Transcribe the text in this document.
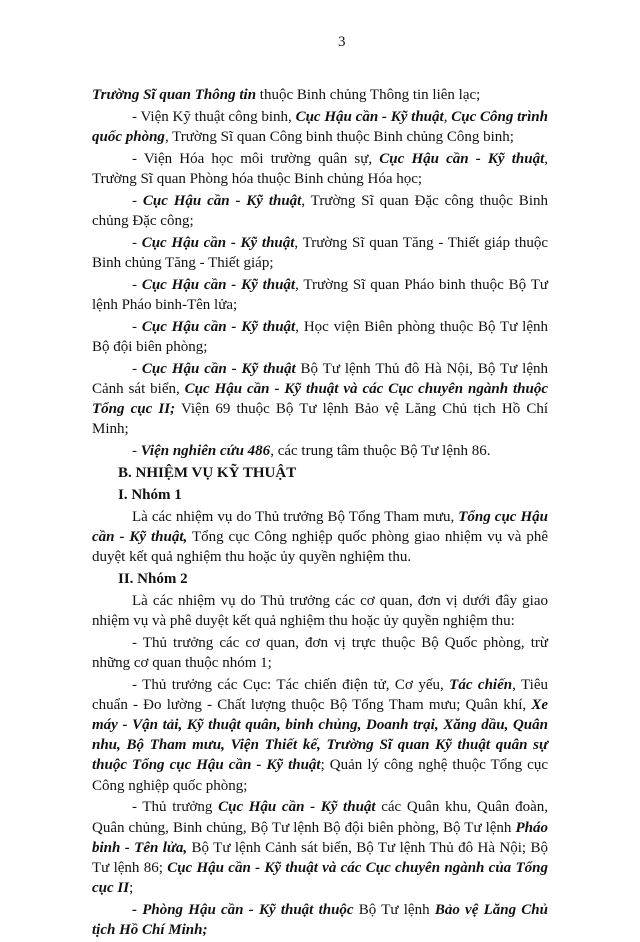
3

Trường Sĩ quan Thông tin thuộc Binh chủng Thông tin liên lạc;

- Viện Kỹ thuật công binh, Cục Hậu cần - Kỹ thuật, Cục Công trình quốc phòng, Trường Sĩ quan Công binh thuộc Binh chủng Công binh;

- Viện Hóa học môi trường quân sự, Cục Hậu cần - Kỹ thuật, Trường Sĩ quan Phòng hóa thuộc Binh chủng Hóa học;

- Cục Hậu cần - Kỹ thuật, Trường Sĩ quan Đặc công thuộc Binh chủng Đặc công;

- Cục Hậu cần - Kỹ thuật, Trường Sĩ quan Tăng - Thiết giáp thuộc Binh chủng Tăng - Thiết giáp;

- Cục Hậu cần - Kỹ thuật, Trường Sĩ quan Pháo binh thuộc Bộ Tư lệnh Pháo binh-Tên lửa;

- Cục Hậu cần - Kỹ thuật, Học viện Biên phòng thuộc Bộ Tư lệnh Bộ đội biên phòng;

- Cục Hậu cần - Kỹ thuật Bộ Tư lệnh Thủ đô Hà Nội, Bộ Tư lệnh Cảnh sát biển, Cục Hậu cần - Kỹ thuật và các Cục chuyên ngành thuộc Tổng cục II; Viện 69 thuộc Bộ Tư lệnh Bảo vệ Lăng Chủ tịch Hồ Chí Minh;

- Viện nghiên cứu 486, các trung tâm thuộc Bộ Tư lệnh 86.

B. NHIỆM VỤ KỸ THUẬT

I. Nhóm 1

Là các nhiệm vụ do Thủ trưởng Bộ Tổng Tham mưu, Tổng cục Hậu cần - Kỹ thuật, Tổng cục Công nghiệp quốc phòng giao nhiệm vụ và phê duyệt kết quả nghiệm thu hoặc ủy quyền nghiệm thu.

II. Nhóm 2

Là các nhiệm vụ do Thủ trưởng các cơ quan, đơn vị dưới đây giao nhiệm vụ và phê duyệt kết quả nghiệm thu hoặc ủy quyền nghiệm thu:

- Thủ trưởng các cơ quan, đơn vị trực thuộc Bộ Quốc phòng, trừ những cơ quan thuộc nhóm 1;

- Thủ trưởng các Cục: Tác chiến điện tử, Cơ yếu, Tác chiến, Tiêu chuẩn - Đo lường - Chất lượng thuộc Bộ Tổng Tham mưu; Quân khí, Xe máy - Vận tải, Kỹ thuật quân, binh chủng, Doanh trại, Xăng dầu, Quân nhu, Bộ Tham mưu, Viện Thiết kế, Trường Sĩ quan Kỹ thuật quân sự thuộc Tổng cục Hậu cần - Kỹ thuật; Quản lý công nghệ thuộc Tổng cục Công nghiệp quốc phòng;

- Thủ trưởng Cục Hậu cần - Kỹ thuật các Quân khu, Quân đoàn, Quân chủng, Binh chủng, Bộ Tư lệnh Bộ đội biên phòng, Bộ Tư lệnh Pháo binh - Tên lửa, Bộ Tư lệnh Cảnh sát biển, Bộ Tư lệnh Thủ đô Hà Nội; Bộ Tư lệnh 86; Cục Hậu cần - Kỹ thuật và các Cục chuyên ngành của Tổng cục II;

- Phòng Hậu cần - Kỹ thuật thuộc Bộ Tư lệnh Bảo vệ Lăng Chủ tịch Hồ Chí Minh;
